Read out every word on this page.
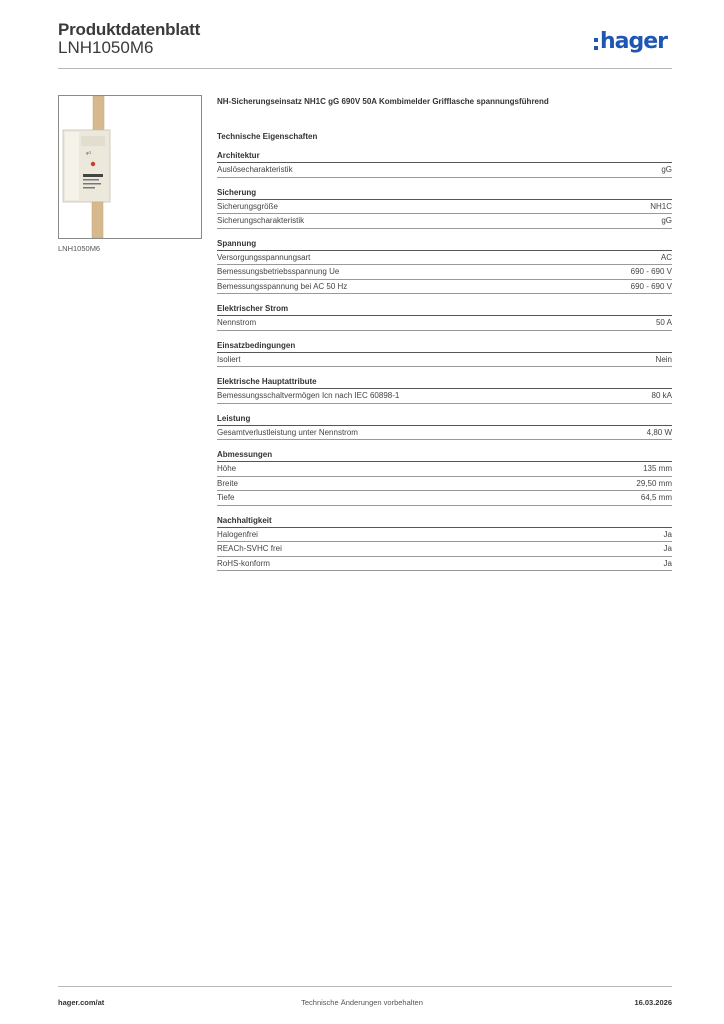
Produktdatenblatt
LNH1050M6	hager
gG
LNH1050M6

NH-Sicherungseinsatz NH1C gG 690V 50A Kombimelder Grifflasche spannungsführend

Technische Eigenschaften
Architektur
Auslösecharakteristik	gG
Sicherung
Sicherungsgröße	NH1C
Sicherungscharakteristik	gG
Spannung
Versorgungsspannungsart	AC
Bemessungsbetriebsspannung Ue	690 - 690 V
Bemessungsspannung bei AC 50 Hz	690 - 690 V
Elektrischer Strom
Nennstrom	50 A
Einsatzbedingungen
Isoliert	Nein
Elektrische Hauptattribute
Bemessungsschaltvermögen Icn nach IEC 60898-1	80 kA
Leistung
Gesamtverlustleistung unter Nennstrom	4,80 W
Abmessungen
Höhe	135 mm
Breite	29,50 mm
Tiefe	64,5 mm
Nachhaltigkeit
Halogenfrei	Ja
REACh-SVHC frei	Ja
RoHS-konform	Ja
hager.com/at	Technische Änderungen vorbehalten	16.03.2026
